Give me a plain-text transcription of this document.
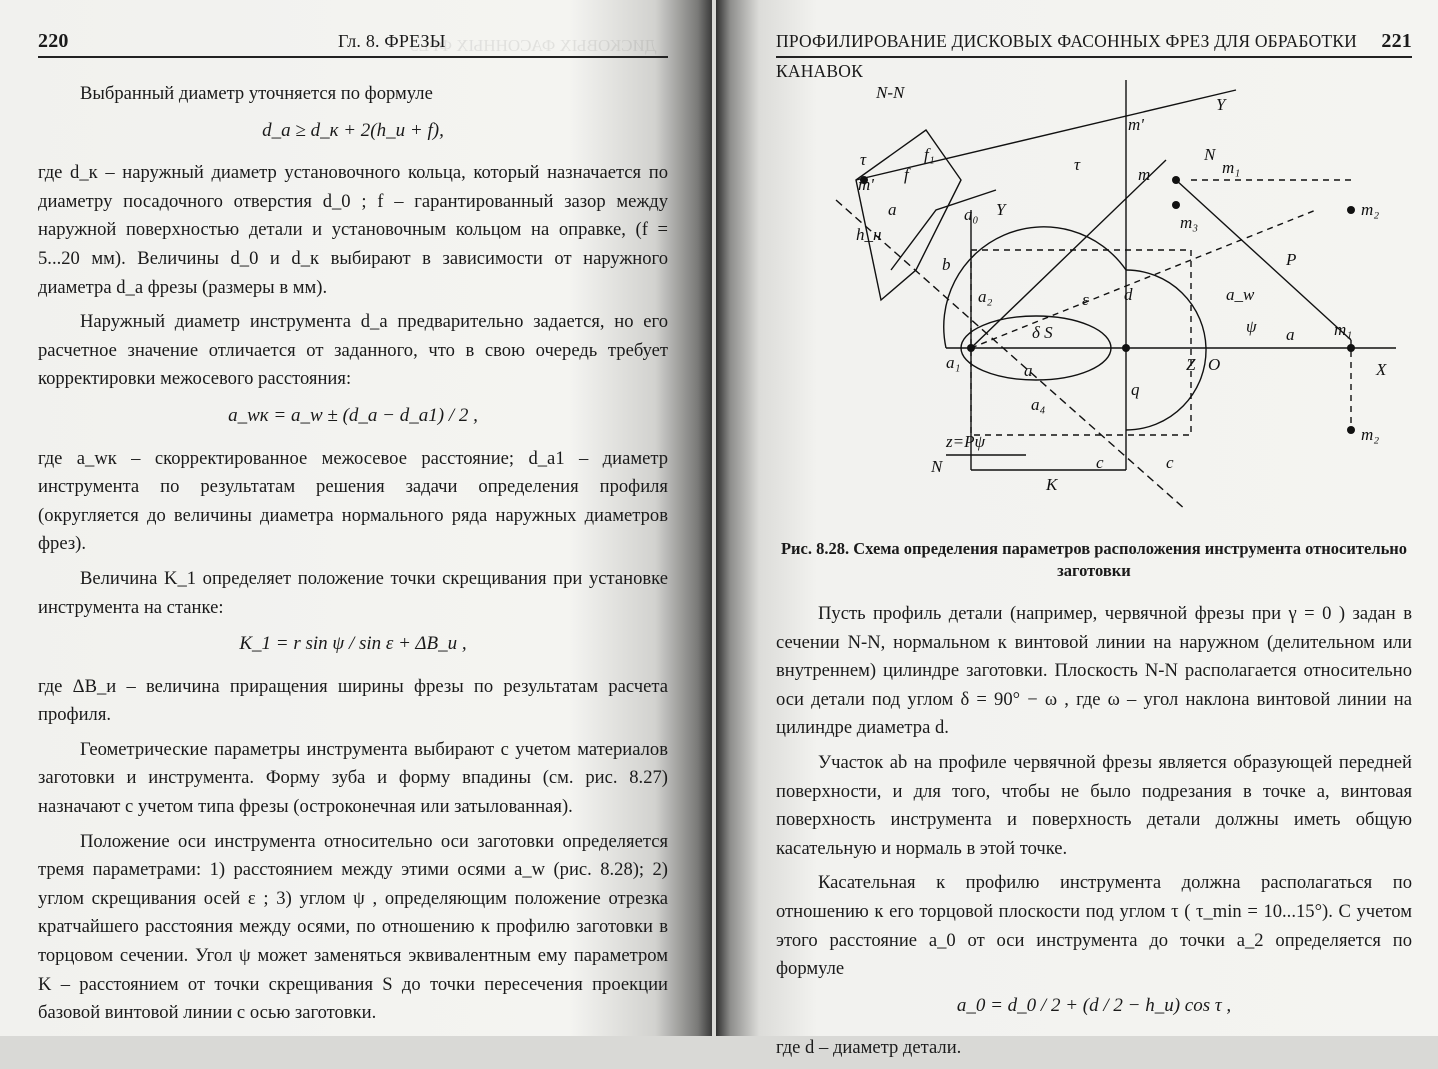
ДИСКОВЫХ ФАСОННЫХ ФРЕЗ
220	Гл. 8. ФРЕЗЫ

Выбранный диаметр уточняется по формуле

d_a ≥ d_к + 2(h_и + f),

где d_к – наружный диаметр установочного кольца, который назначается по диаметру посадочного отверстия d_0 ; f – гарантированный зазор между наружной поверхностью детали и установочным кольцом на оправке, (f = 5...20 мм). Величины d_0 и d_к выбирают в зависимости от наружного диаметра d_a фрезы (размеры в мм).

Наружный диаметр инструмента d_a предварительно задается, но его расчетное значение отличается от заданного, что в свою очередь требует корректировки межосевого расстояния:

a_wк = a_w ± (d_a − d_a1) / 2 ,

где a_wк – скорректированное межосевое расстояние; d_a1 – диаметр инструмента по результатам решения задачи определения профиля (округляется до величины диаметра нормального ряда наружных диаметров фрез).

Величина K_1 определяет положение точки скрещивания при установке инструмента на станке:

K_1 = r sin ψ / sin ε + ΔB_и ,

где ΔB_и – величина приращения ширины фрезы по результатам расчета профиля.

Геометрические параметры инструмента выбирают с учетом материалов заготовки и инструмента. Форму зуба и форму впадины (см. рис. 8.27) назначают с учетом типа фрезы (остроконечная или затылованная).

Положение оси инструмента относительно оси заготовки определяется тремя параметрами: 1) расстоянием между этими осями a_w (рис. 8.28); 2) углом скрещивания осей ε ; 3) углом ψ , определяющим положение отрезка кратчайшего расстояния между осями, по отношению к профилю заготовки в торцовом сечении. Угол ψ может заменяться эквивалентным ему параметром K – расстоянием от точки скрещивания S до точки пересечения проекции базовой винтовой линии с осью заготовки.

ПРОФИЛИРОВАНИЕ ДИСКОВЫХ ФАСОННЫХ ФРЕЗ ДЛЯ ОБРАБОТКИ КАНАВОК
221
N-N
Y
N
m'
m'
τ	τ
f
f₁
m	m₁
m₂
m₃
a	a₀ Y
h_н
b
a₂
δ S
ε d
P
a_w
ψ a m₁
X
a₁	a	Z O
q
a₄
m₂
z=Pψ
N
K
c	c
Рис. 8.28. Схема определения параметров расположения инструмента относительно заготовки

Пусть профиль детали (например, червячной фрезы при γ = 0 ) задан в сечении N-N, нормальном к винтовой линии на наружном (делительном или внутреннем) цилиндре заготовки. Плоскость N-N располагается относительно оси детали под углом δ = 90° − ω , где ω – угол наклона винтовой линии на цилиндре диаметра d.

Участок ab на профиле червячной фрезы является образующей передней поверхности, и для того, чтобы не было подрезания в точке a, винтовая поверхность инструмента и поверхность детали должны иметь общую касательную и нормаль в этой точке.

Касательная к профилю инструмента должна располагаться по отношению к его торцовой плоскости под углом τ ( τ_min = 10...15°). С учетом этого расстояние a_0 от оси инструмента до точки a_2 определяется по формуле

a_0 = d_0 / 2 + (d / 2 − h_и) cos τ ,

где d – диаметр детали.
